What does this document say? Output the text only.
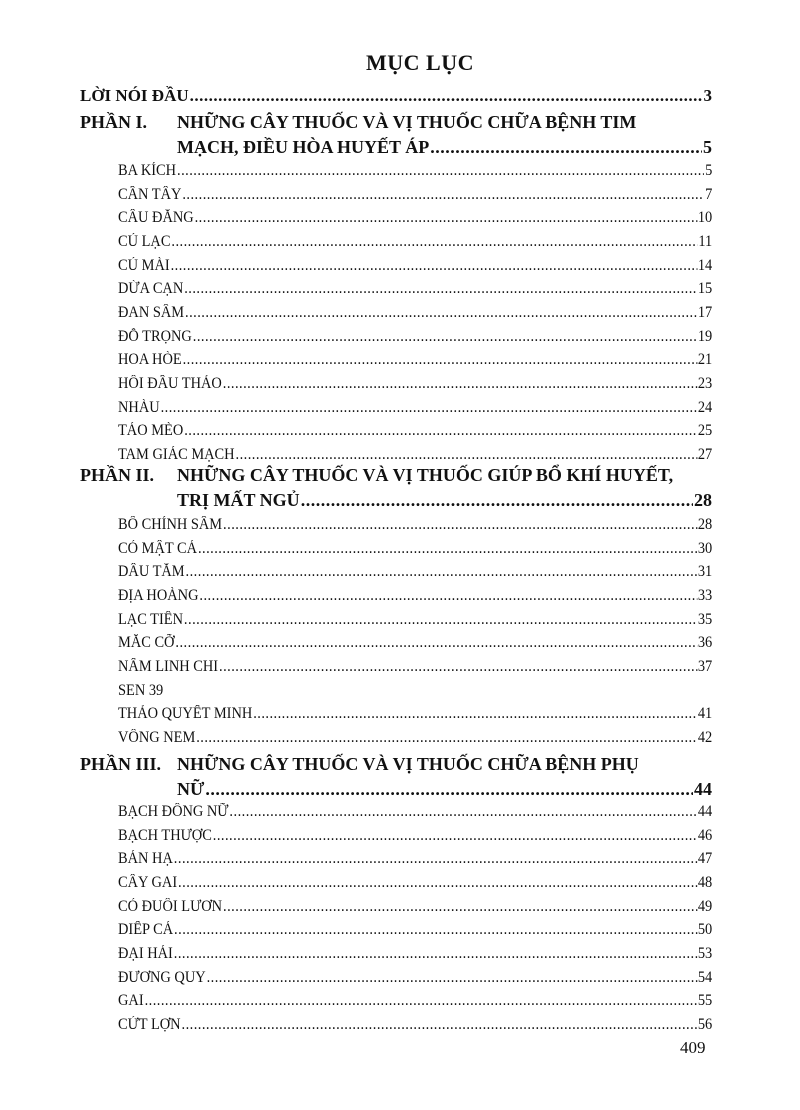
MỤC LỤC
LỜI NÓI ĐẦU .....	3
PHẦN I. NHỮNG CÂY THUỐC VÀ VỊ THUỐC CHỮA BỆNH TIM
MẠCH, ĐIỀU HÒA HUYẾT ÁP .....	5
BA KÍCH .....	5
CẦN TÂY .....	7
CÂU ĐẰNG .....	10
CỦ LẠC .....	11
CỦ MÀI .....	14
DỪA CẠN .....	15
ĐAN SÂM .....	17
ĐỖ TRỌNG .....	19
HOA HÒE .....	21
HỒI ĐẦU THẢO .....	23
NHÀU .....	24
TÁO MÈO .....	25
TAM GIÁC MẠCH .....	27
PHẦN II. NHỮNG CÂY THUỐC VÀ VỊ THUỐC GIÚP BỔ KHÍ HUYẾT,
TRỊ MẤT NGỦ .....	28
BỐ CHÍNH SÂM .....	28
CỎ MẬT CÁ .....	30
DÂU TẰM .....	31
ĐỊA HOÀNG .....	33
LẠC TIÊN .....	35
MẮC CỠ .....	36
NẤM LINH CHI .....	37
SEN 39
THẢO QUYẾT MINH .....	41
VÔNG NEM .....	42
PHẦN III. NHỮNG CÂY THUỐC VÀ VỊ THUỐC CHỮA BỆNH PHỤ
NỮ .....	44
BẠCH ĐỒNG NỮ .....	44
BẠCH THƯỢC .....	46
BÁN HẠ .....	47
CÂY GAI .....	48
CỎ ĐUÔI LƯƠN .....	49
DIẾP CÁ .....	50
ĐẠI HÁI .....	53
ĐƯƠNG QUY .....	54
GAI .....	55
CỨT LỢN .....	56
409
